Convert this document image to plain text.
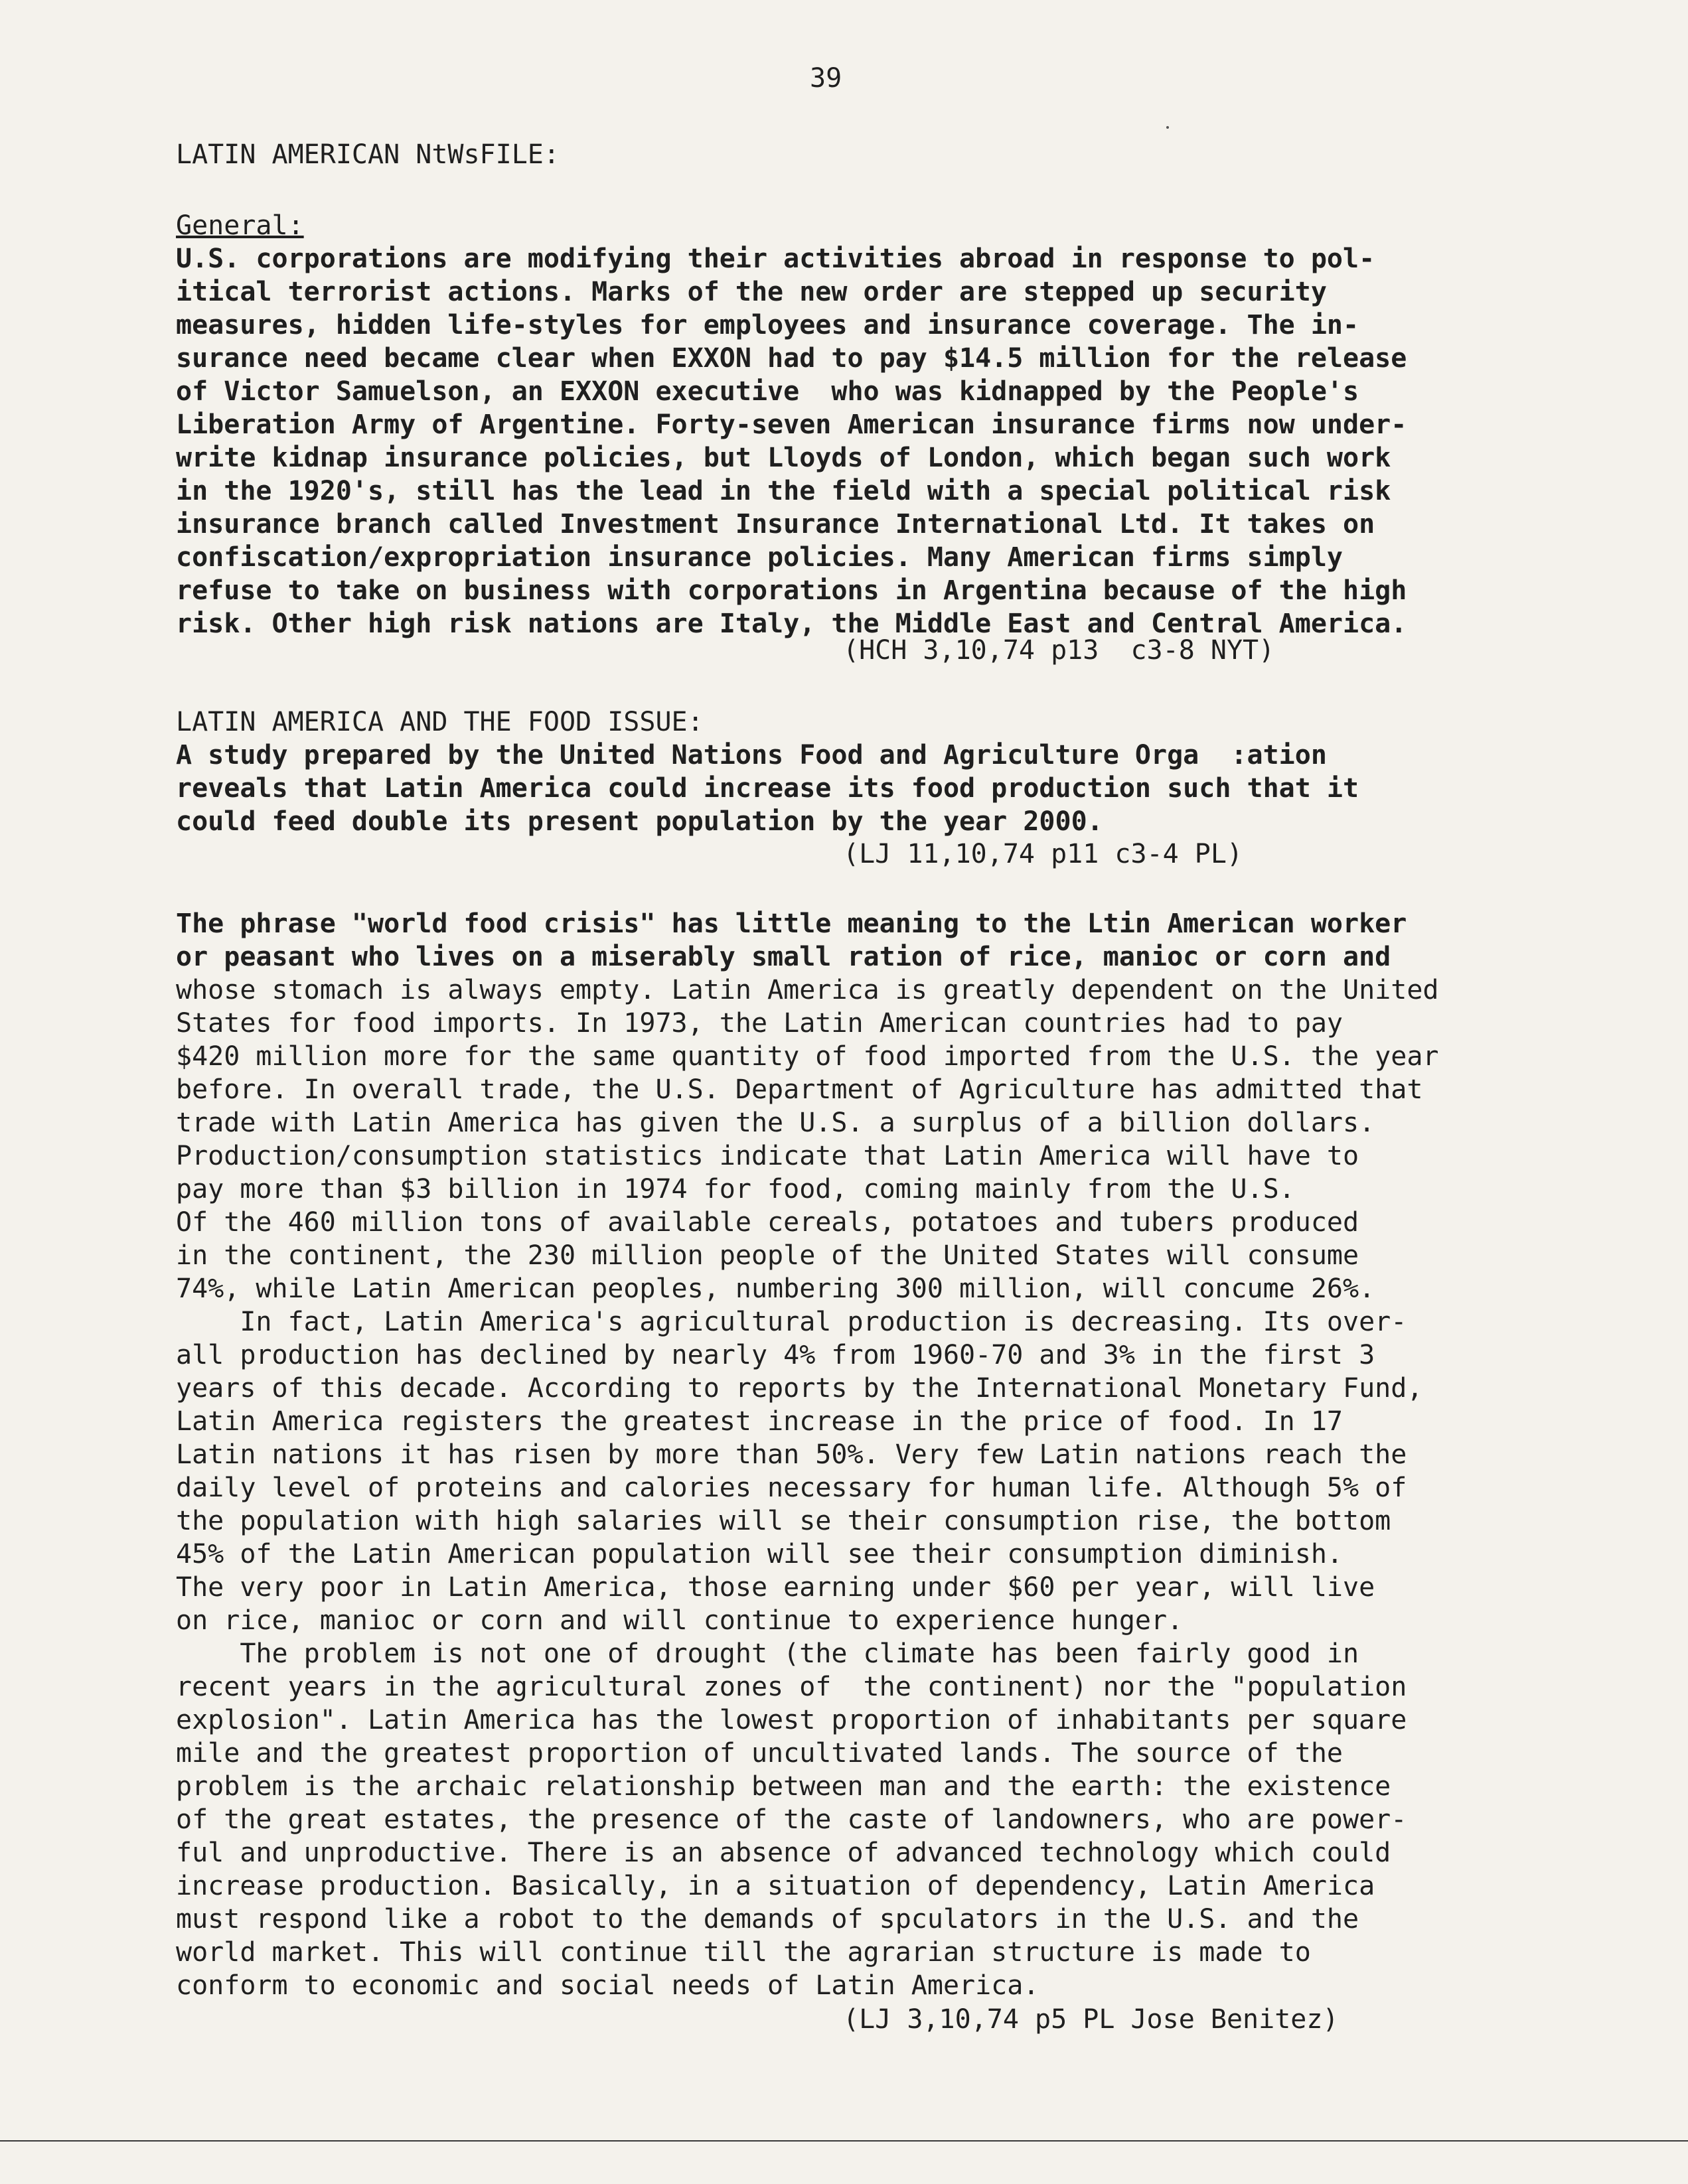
39
LATIN AMERICAN NtWsFILE:
General:
U.S. corporations are modifying their activities abroad in response to pol-
itical terrorist actions. Marks of the new order are stepped up security
measures, hidden life-styles for employees and insurance coverage. The in-
surance need became clear when EXXON had to pay $14.5 million for the release
of Victor Samuelson, an EXXON executive  who was kidnapped by the People's
Liberation Army of Argentine. Forty-seven American insurance firms now under-
write kidnap insurance policies, but Lloyds of London, which began such work
in the 1920's, still has the lead in the field with a special political risk
insurance branch called Investment Insurance International Ltd. It takes on
confiscation/expropriation insurance policies. Many American firms simply
refuse to take on business with corporations in Argentina because of the high
risk. Other high risk nations are Italy, the Middle East and Central America.
(HCH 3,10,74 p13  c3-8 NYT)
LATIN AMERICA AND THE FOOD ISSUE:
A study prepared by the United Nations Food and Agriculture Orga  :ation
reveals that Latin America could increase its food production such that it
could feed double its present population by the year 2000.
(LJ 11,10,74 p11 c3-4 PL)
The phrase "world food crisis" has little meaning to the Ltin American worker
or peasant who lives on a miserably small ration of rice, manioc or corn and
whose stomach is always empty. Latin America is greatly dependent on the United
States for food imports. In 1973, the Latin American countries had to pay
$420 million more for the same quantity of food imported from the U.S. the year
before. In overall trade, the U.S. Department of Agriculture has admitted that
trade with Latin America has given the U.S. a surplus of a billion dollars.
Production/consumption statistics indicate that Latin America will have to
pay more than $3 billion in 1974 for food, coming mainly from the U.S.
Of the 460 million tons of available cereals, potatoes and tubers produced
in the continent, the 230 million people of the United States will consume
74%, while Latin American peoples, numbering 300 million, will concume 26%.
In fact, Latin America's agricultural production is decreasing. Its over-
all production has declined by nearly 4% from 1960-70 and 3% in the first 3
years of this decade. According to reports by the International Monetary Fund,
Latin America registers the greatest increase in the price of food. In 17
Latin nations it has risen by more than 50%. Very few Latin nations reach the
daily level of proteins and calories necessary for human life. Although 5% of
the population with high salaries will se their consumption rise, the bottom
45% of the Latin American population will see their consumption diminish.
The very poor in Latin America, those earning under $60 per year, will live
on rice, manioc or corn and will continue to experience hunger.
The problem is not one of drought (the climate has been fairly good in
recent years in the agricultural zones of  the continent) nor the "population
explosion". Latin America has the lowest proportion of inhabitants per square
mile and the greatest proportion of uncultivated lands. The source of the
problem is the archaic relationship between man and the earth: the existence
of the great estates, the presence of the caste of landowners, who are power-
ful and unproductive. There is an absence of advanced technology which could
increase production. Basically, in a situation of dependency, Latin America
must respond like a robot to the demands of spculators in the U.S. and the
world market. This will continue till the agrarian structure is made to
conform to economic and social needs of Latin America.
(LJ 3,10,74 p5 PL Jose Benitez)
